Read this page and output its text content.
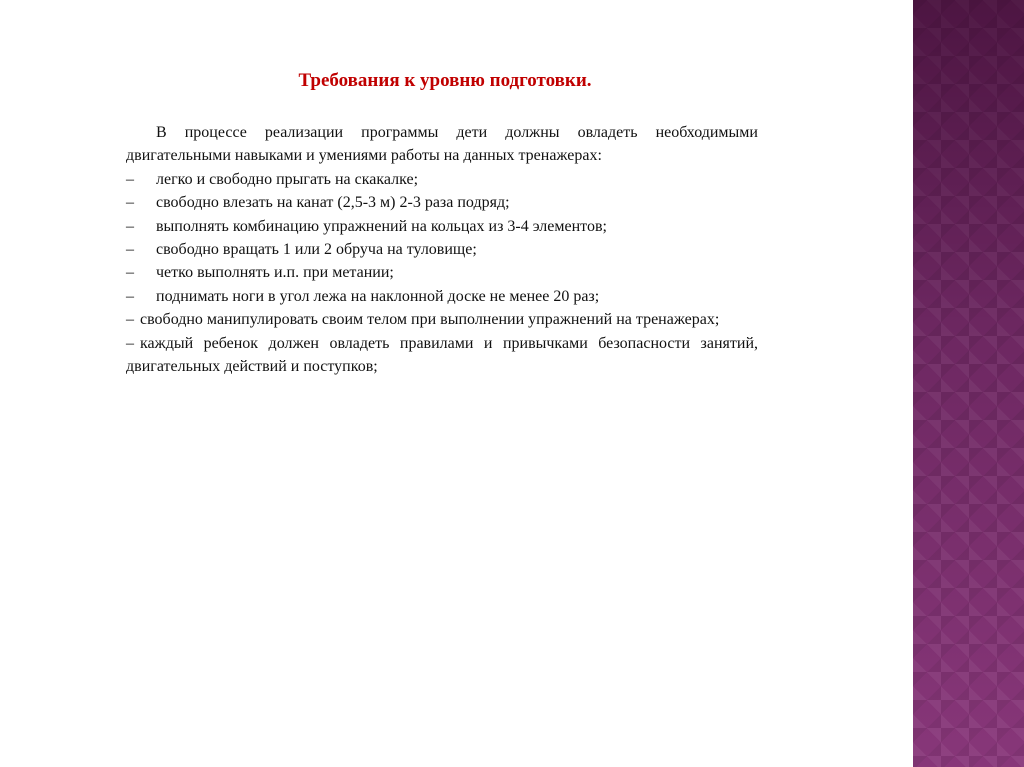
Требования к уровню подготовки.

В процессе реализации программы дети должны овладеть необходимыми двигательными навыками и умениями работы на данных тренажерах:

– легко и свободно прыгать на скакалке;
– свободно влезать на канат (2,5-3 м) 2-3 раза подряд;
– выполнять комбинацию упражнений на кольцах из 3-4 элементов;
– свободно вращать 1 или 2 обруча на туловище;
– четко выполнять и.п. при метании;
– поднимать ноги в угол лежа на наклонной доске не менее 20 раз;
– свободно манипулировать своим телом при выполнении упражнений на тренажерах;
– каждый ребенок должен овладеть правилами и привычками безопасности занятий, двигательных действий и поступков;
